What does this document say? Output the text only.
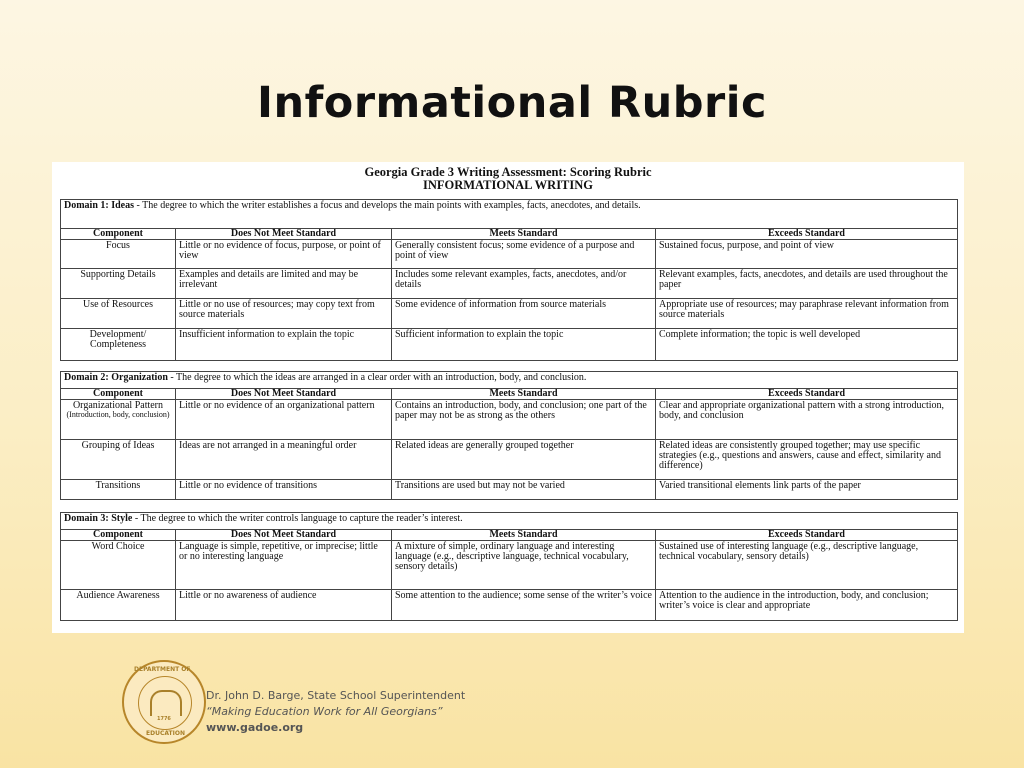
Informational Rubric
Georgia Grade 3 Writing Assessment: Scoring Rubric
INFORMATIONAL WRITING
Domain 1: Ideas - The degree to which the writer establishes a focus and develops the main points with examples, facts, anecdotes, and details.			
Component	Does Not Meet Standard	Meets Standard	Exceeds Standard
Focus	Little or no evidence of focus, purpose, or point of view	Generally consistent focus; some evidence of a purpose and point of view	Sustained focus, purpose, and point of view
Supporting Details	Examples and details are limited and may be irrelevant	Includes some relevant examples, facts, anecdotes, and/or details	Relevant examples, facts, anecdotes, and details are used throughout the paper
Use of Resources	Little or no use of resources; may copy text from source materials	Some evidence of information from source materials	Appropriate use of resources; may paraphrase relevant information from source materials
Development/ Completeness	Insufficient information to explain the topic	Sufficient information to explain the topic	Complete information; the topic is well developed
Domain 2: Organization - The degree to which the ideas are arranged in a clear order with an introduction, body, and conclusion.			
Component	Does Not Meet Standard	Meets Standard	Exceeds Standard
Organizational Pattern
(Introduction, body, conclusion)	Little or no evidence of an organizational pattern	Contains an introduction, body, and conclusion; one part of the paper may not be as strong as the others	Clear and appropriate organizational pattern with a strong introduction, body, and conclusion
Grouping of Ideas	Ideas are not arranged in a meaningful order	Related ideas are generally grouped together	Related ideas are consistently grouped together; may use specific strategies (e.g., questions and answers, cause and effect, similarity and difference)
Transitions	Little or no evidence of transitions	Transitions are used but may not be varied	Varied transitional elements link parts of the paper
Domain 3: Style - The degree to which the writer controls language to capture the reader’s interest.			
Component	Does Not Meet Standard	Meets Standard	Exceeds Standard
Word Choice	Language is simple, repetitive, or imprecise; little or no interesting language	A mixture of simple, ordinary language and interesting language (e.g., descriptive language, technical vocabulary, sensory details)	Sustained use of interesting language (e.g., descriptive language, technical vocabulary, sensory details)
Audience Awareness	Little or no awareness of audience	Some attention to the audience; some sense of the writer’s voice	Attention to the audience in the introduction, body, and conclusion; writer’s voice is clear and appropriate
DEPARTMENT OF
EDUCATION
1776
Dr. John D. Barge, State School Superintendent
“Making Education Work for All Georgians”
www.gadoe.org
